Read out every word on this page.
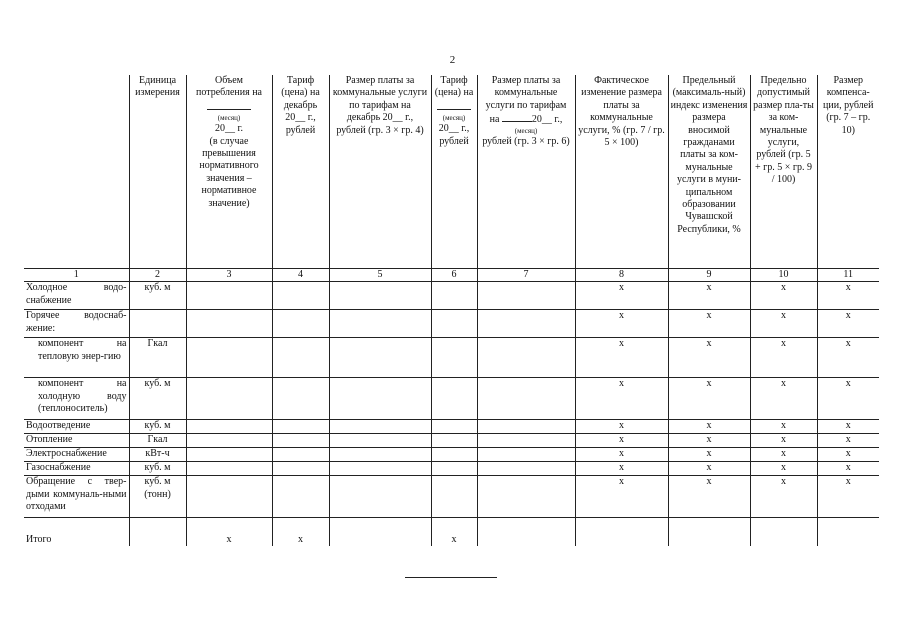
2
	Единица измерения	Объем потребления на

(месяц)
20__ г.
(в случае превышения нормативного значения – нормативное значение)	Тариф (цена) на декабрь 20__ г., рублей	Размер платы за коммунальные услуги по тарифам на декабрь 20__ г., рублей (гр. 3 × гр. 4)	Тариф (цена) на

(месяц)
20__ г., рублей	Размер платы за коммунальные услуги по тарифам на 20__ г.,
(месяц)
рублей (гр. 3 × гр. 6)	Фактическое изменение размера платы за коммунальные услуги, % (гр. 7 / гр. 5 × 100)	Предельный (максималь-ный) индекс изменения размера вносимой гражданами платы за ком-мунальные услуги в муни-ципальном образовании Чувашской Республики, %	Предельно допустимый размер пла-ты за ком-мунальные услуги, рублей (гр. 5 + гр. 5 × гр. 9 / 100)	Размер компенса-ции, рублей (гр. 7 – гр. 10)
1	2	3	4	5	6	7	8	9	10	11
Холодное водо-снабжение	куб. м						х	х	х	х
Горячее водоснаб-жение:							х	х	х	х
компонент на тепловую энер-гию	Гкал						х	х	х	х
компонент на холодную воду (теплоноситель)	куб. м						х	х	х	х
Водоотведение	куб. м						х	х	х	х
Отопление	Гкал						х	х	х	х
Электроснабжение	кВт-ч						х	х	х	х
Газоснабжение	куб. м						х	х	х	х
Обращение с твер-дыми коммуналь-ными отходами	куб. м (тонн)						х	х	х	х
Итого		х	х		х					
